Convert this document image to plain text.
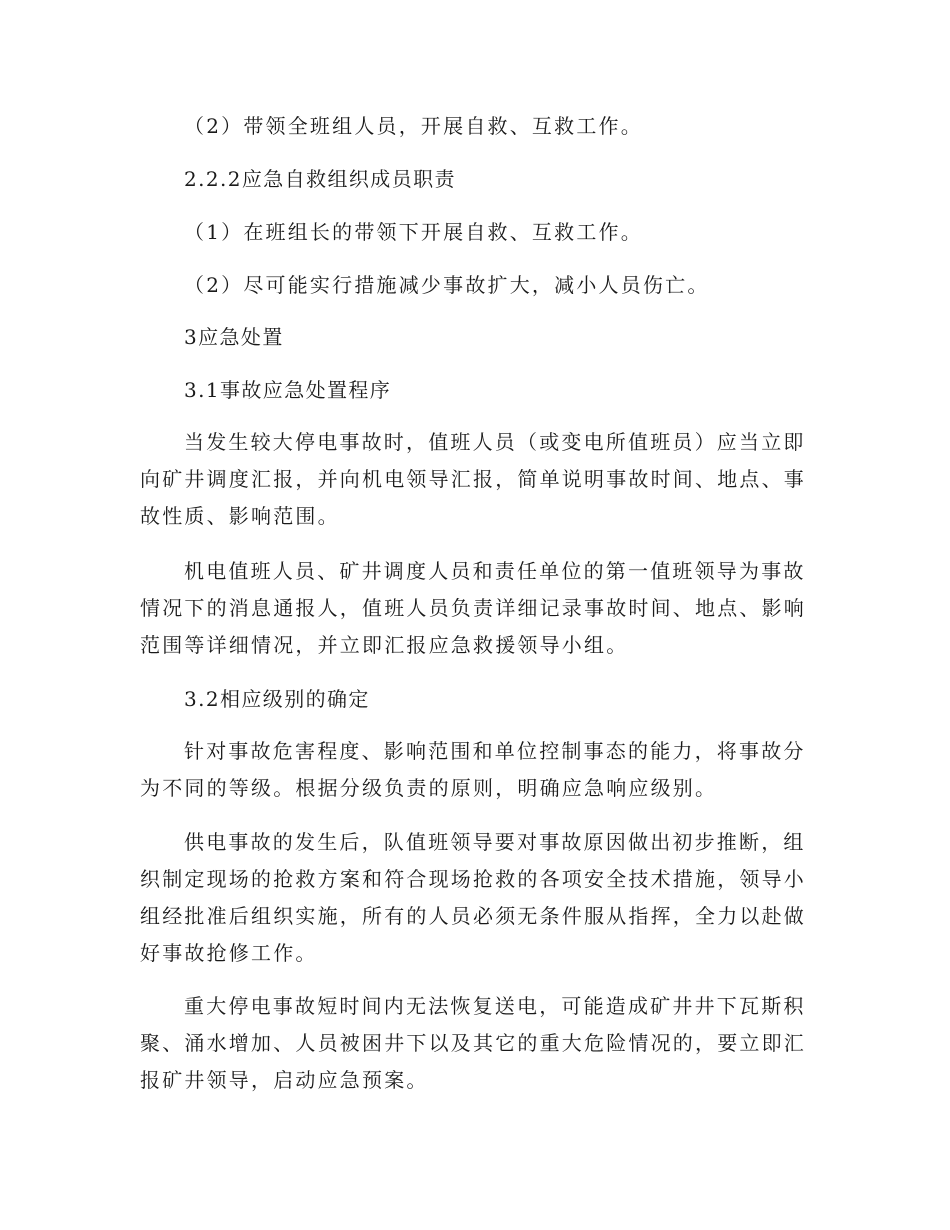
（2）带领全班组人员，开展自救、互救工作。
2.2.2应急自救组织成员职责
（1）在班组长的带领下开展自救、互救工作。
（2）尽可能实行措施减少事故扩大，减小人员伤亡。
3应急处置
3.1事故应急处置程序
当发生较大停电事故时，值班人员（或变电所值班员）应当立即
向矿井调度汇报，并向机电领导汇报，简单说明事故时间、地点、事
故性质、影响范围。
机电值班人员、矿井调度人员和责任单位的第一值班领导为事故
情况下的消息通报人，值班人员负责详细记录事故时间、地点、影响
范围等详细情况，并立即汇报应急救援领导小组。
3.2相应级别的确定
针对事故危害程度、影响范围和单位控制事态的能力，将事故分
为不同的等级。根据分级负责的原则，明确应急响应级别。
供电事故的发生后，队值班领导要对事故原因做出初步推断，组
织制定现场的抢救方案和符合现场抢救的各项安全技术措施，领导小
组经批准后组织实施，所有的人员必须无条件服从指挥，全力以赴做
好事故抢修工作。
重大停电事故短时间内无法恢复送电，可能造成矿井井下瓦斯积
聚、涌水增加、人员被困井下以及其它的重大危险情况的，要立即汇
报矿井领导，启动应急预案。
